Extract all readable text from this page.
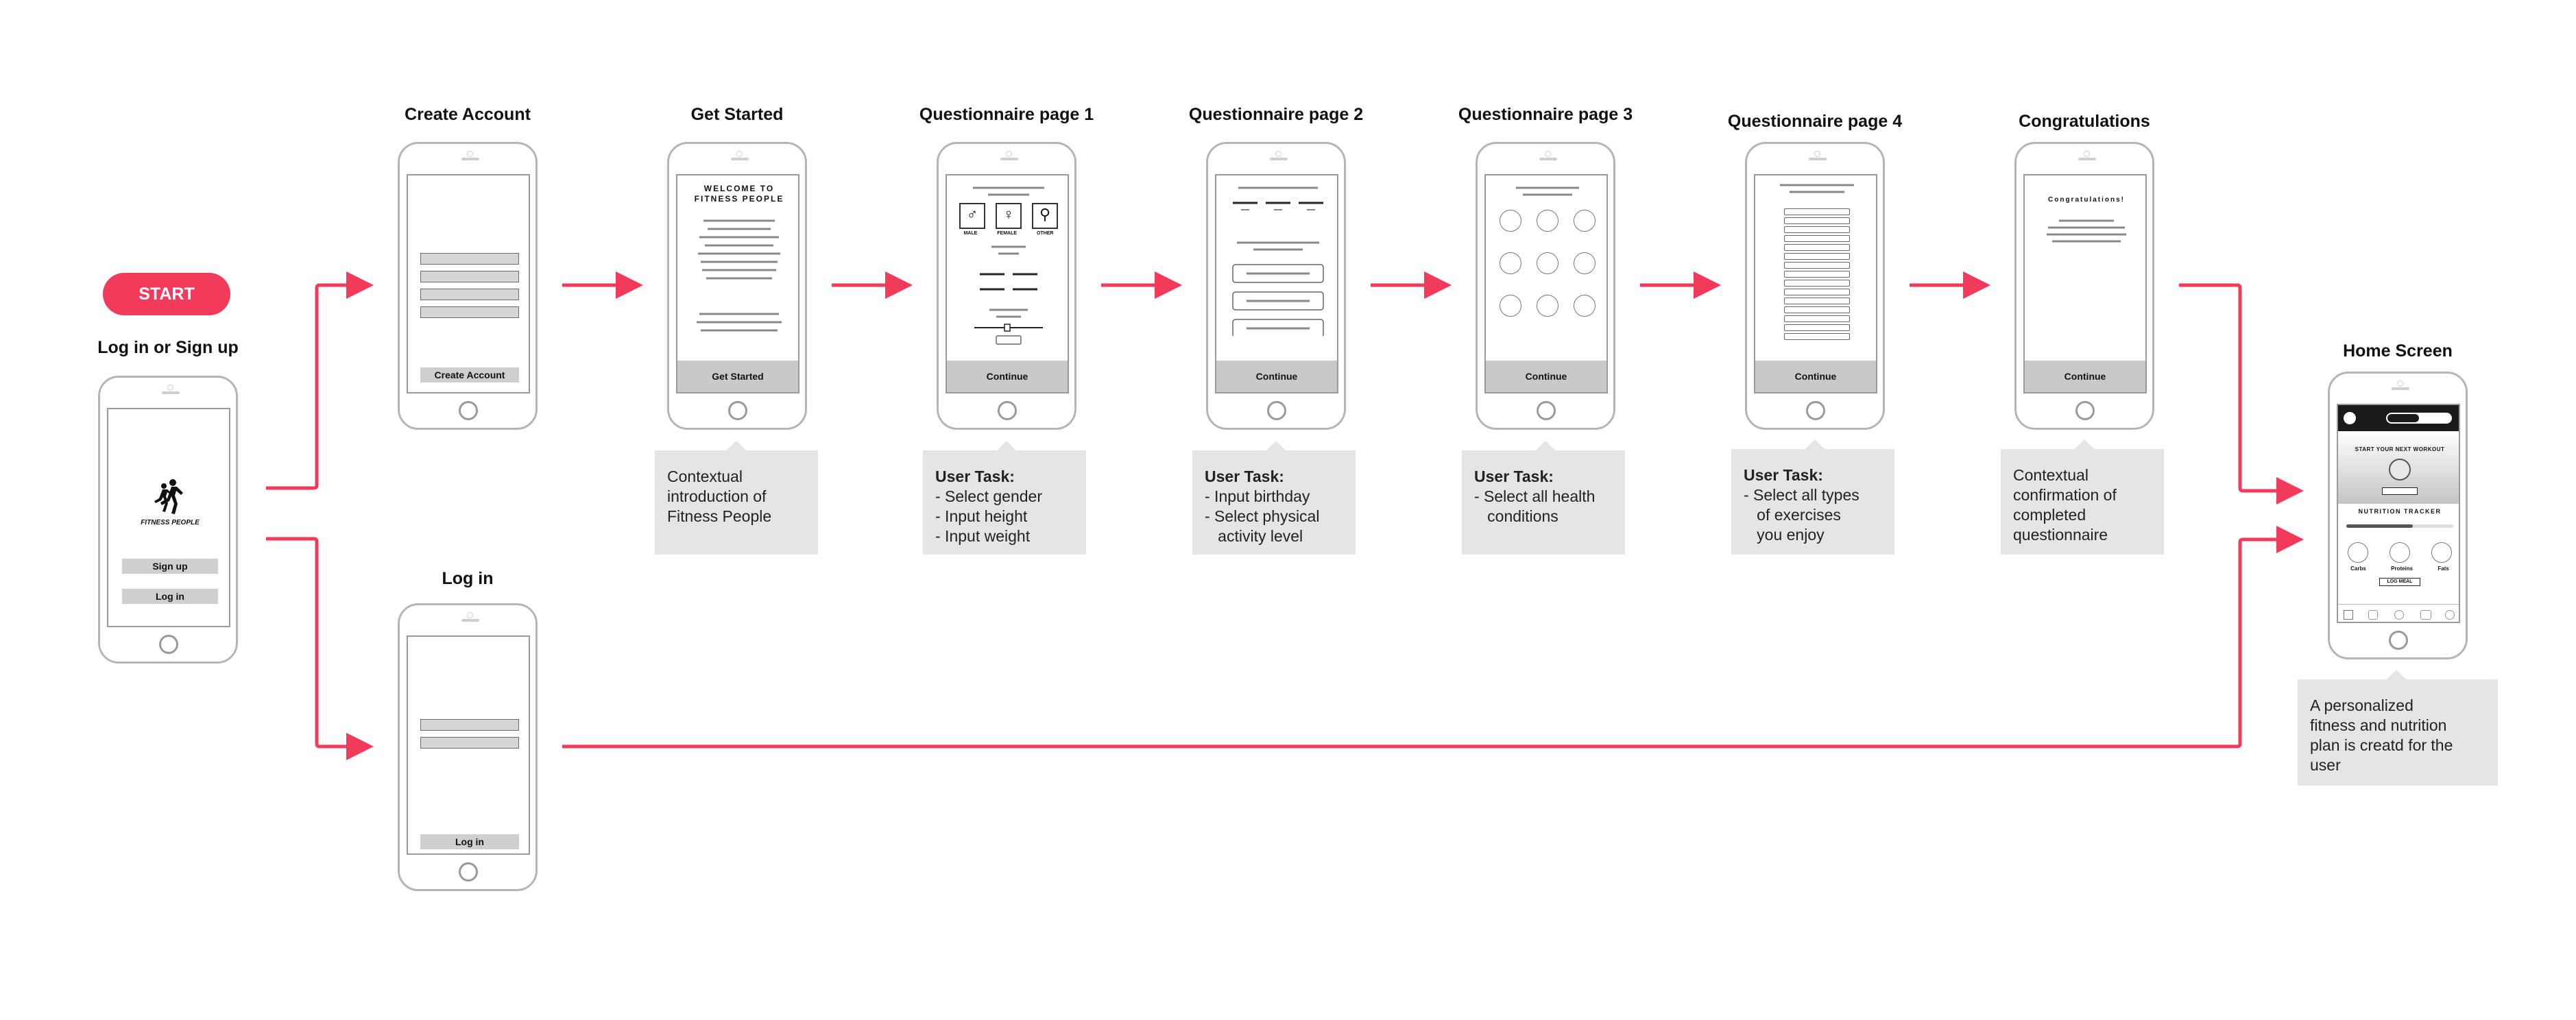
START
Log in or Sign up
FITNESS PEOPLE
Sign up
Log in
Create Account
Create Account
Log in
Log in
Get Started
WELCOME TO
FITNESS PEOPLE
Get Started
Questionnaire page 1
♂	♀	⚲
MALE	FEMALE	OTHER
Continue
Questionnaire page 2
Continue
Questionnaire page 3
Continue
Questionnaire page 4
Continue
Congratulations
Congratulations!
Continue
Home Screen
START YOUR NEXT WORKOUT
NUTRITION TRACKER
Carbs	Proteins	Fats
LOG MEAL
Contextual
introduction of
Fitness People
User Task:
- Select gender
- Input height
- Input weight
User Task:
- Input birthday
- Select physical
activity level
User Task:
- Select all health
conditions
User Task:
- Select all types
of exercises
you enjoy
Contextual
confirmation of
completed
questionnaire
A personalized
fitness and nutrition
plan is creatd for the
user
